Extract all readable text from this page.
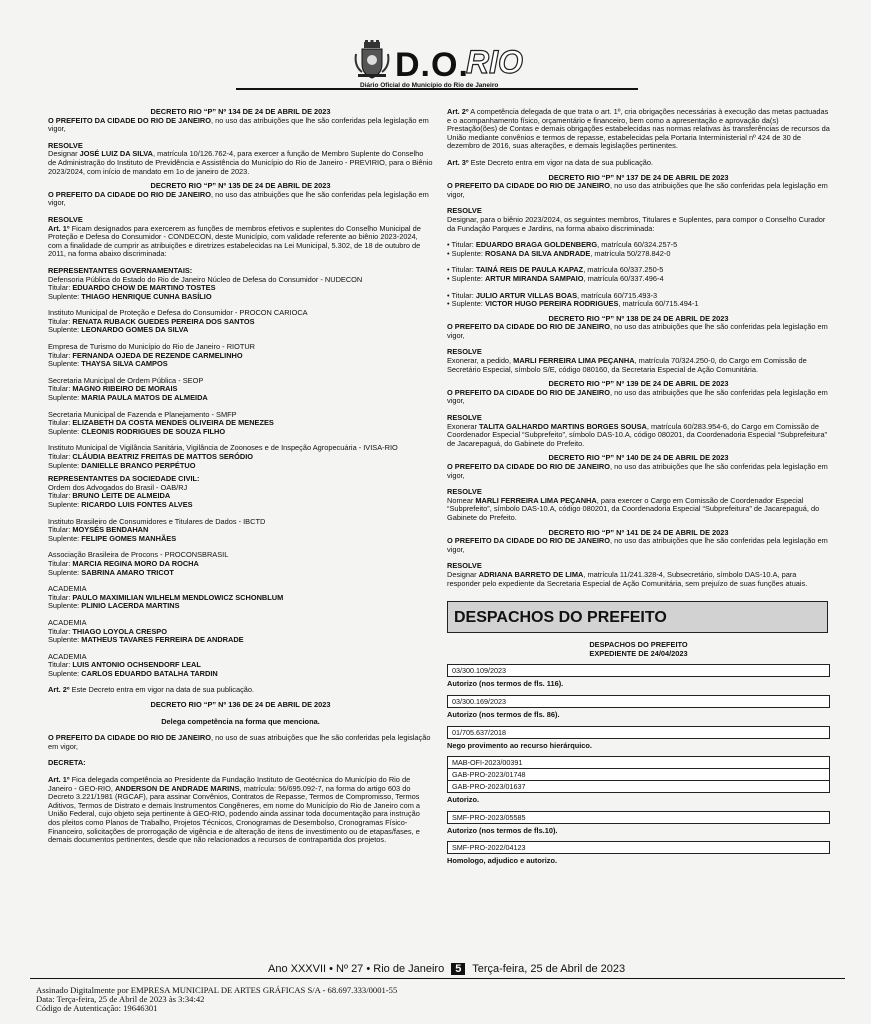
D.O.
RIO
Diário Oficial do Município do Rio de Janeiro
DECRETO RIO “P” Nº 134 DE 24 DE ABRIL DE 2023

O PREFEITO DA CIDADE DO RIO DE JANEIRO, no uso das atribuições que lhe são conferidas pela legislação em vigor,

RESOLVE

Designar JOSÉ LUIZ DA SILVA, matrícula 10/126.762-4, para exercer a função de Membro Suplente do Conselho de Administração do Instituto de Previdência e Assistência do Município do Rio de Janeiro - PREVIRIO, para o Biênio 2023/2024, com início de mandato em 1o de janeiro de 2023.

DECRETO RIO “P” Nº 135 DE 24 DE ABRIL DE 2023

O PREFEITO DA CIDADE DO RIO DE JANEIRO, no uso das atribuições que lhe são conferidas pela legislação em vigor,

RESOLVE

Art. 1º Ficam designados para exercerem as funções de membros efetivos e suplentes do Conselho Municipal de Proteção e Defesa do Consumidor - CONDECON, deste Município, com validade referente ao biênio 2023-2024, com a finalidade de cumprir as atribuições e diretrizes estabelecidas na Lei Municipal, 5.302, de 18 de outubro de 2011, na forma abaixo discriminada:

REPRESENTANTES GOVERNAMENTAIS:

Defensoria Pública do Estado do Rio de Janeiro Núcleo de Defesa do Consumidor - NUDECON

Titular: EDUARDO CHOW DE MARTINO TOSTES

Suplente: THIAGO HENRIQUE CUNHA BASÍLIO

Instituto Municipal de Proteção e Defesa do Consumidor - PROCON CARIOCA

Titular: RENATA RUBACK GUEDES PEREIRA DOS SANTOS

Suplente: LEONARDO GOMES DA SILVA

Empresa de Turismo do Município do Rio de Janeiro - RIOTUR

Titular: FERNANDA OJEDA DE REZENDE CARMELINHO

Suplente: THAYSA SILVA CAMPOS

Secretaria Municipal de Ordem Pública - SEOP

Titular: MAGNO RIBEIRO DE MORAIS

Suplente: MARIA PAULA MATOS DE ALMEIDA

Secretaria Municipal de Fazenda e Planejamento - SMFP

Titular: ELIZABETH DA COSTA MENDES OLIVEIRA DE MENEZES

Suplente: CLEONIS RODRIGUES DE SOUZA FILHO

Instituto Municipal de Vigilância Sanitária, Vigilância de Zoonoses e de Inspeção Agropecuária - IVISA-RIO

Titular: CLÁUDIA BEATRIZ FREITAS DE MATTOS SERÓDIO

Suplente: DANIELLE BRANCO PERPÉTUO

REPRESENTANTES DA SOCIEDADE CIVIL:

Ordem dos Advogados do Brasil - OAB/RJ

Titular: BRUNO LEITE DE ALMEIDA

Suplente: RICARDO LUIS FONTES ALVES

Instituto Brasileiro de Consumidores e Titulares de Dados - IBCTD

Titular: MOYSÉS BENDAHAN

Suplente: FELIPE GOMES MANHÃES

Associação Brasileira de Procons - PROCONSBRASIL

Titular: MARCIA REGINA MORO DA ROCHA

Suplente: SABRINA AMARO TRICOT

ACADEMIA

Titular: PAULO MAXIMILIAN WILHELM MENDLOWICZ SCHONBLUM

Suplente: PLINIO LACERDA MARTINS

ACADEMIA

Titular: THIAGO LOYOLA CRESPO

Suplente: MATHEUS TAVARES FERREIRA DE ANDRADE

ACADEMIA

Titular: LUIS ANTONIO OCHSENDORF LEAL

Suplente: CARLOS EDUARDO BATALHA TARDIN

Art. 2º Este Decreto entra em vigor na data de sua publicação.

DECRETO RIO “P” Nº 136 DE 24 DE ABRIL DE 2023
Delega competência na forma que menciona.

O PREFEITO DA CIDADE DO RIO DE JANEIRO, no uso de suas atribuições que lhe são conferidas pela legislação em vigor,

DECRETA:

Art. 1º Fica delegada competência ao Presidente da Fundação Instituto de Geotécnica do Município do Rio de Janeiro - GEO-RIO, ANDERSON DE ANDRADE MARINS, matrícula: 56/695.092-7, na forma do artigo 603 do Decreto 3.221/1981 (RGCAF), para assinar Convênios, Contratos de Repasse, Termos de Compromisso, Termos Aditivos, Termos de Distrato e demais Instrumentos Congêneres, em nome do Município do Rio de Janeiro com a União Federal, cujo objeto seja pertinente à GEO-RIO, podendo ainda assinar toda documentação para instrução dos pleitos como Planos de Trabalho, Projetos Técnicos, Cronogramas de Desembolso, Cronogramas Físico-Financeiro, solicitações de prorrogação de vigência e de alteração de itens de investimento ou de etapas/fases, e demais documentos pertinentes, desde que não relacionados a recursos de contrapartida dos projetos.

Art. 2º A competência delegada de que trata o art. 1º, cria obrigações necessárias à execução das metas pactuadas e o acompanhamento físico, orçamentário e financeiro, bem como a apresentação e aprovação da(s) Prestação(ões) de Contas e demais obrigações estabelecidas nas normas relativas às transferências de recursos da União mediante convênios e termos de repasse, estabelecidas pela Portaria Interministerial nº 424 de 30 de dezembro de 2016, suas alterações, e demais legislações pertinentes.

Art. 3º Este Decreto entra em vigor na data de sua publicação.

DECRETO RIO “P” Nº 137 DE 24 DE ABRIL DE 2023

O PREFEITO DA CIDADE DO RIO DE JANEIRO, no uso das atribuições que lhe são conferidas pela legislação em vigor,

RESOLVE

Designar, para o biênio 2023/2024, os seguintes membros, Titulares e Suplentes, para compor o Conselho Curador da Fundação Parques e Jardins, na forma abaixo discriminada:

• Titular: EDUARDO BRAGA GOLDENBERG, matrícula 60/324.257-5

• Suplente: ROSANA DA SILVA ANDRADE, matrícula 50/278.842-0

• Titular: TAINÁ REIS DE PAULA KAPAZ, matrícula 60/337.250-5

• Suplente: ARTUR MIRANDA SAMPAIO, matrícula 60/337.496-4

• Titular: JULIO ARTUR VILLAS BOAS, matrícula 60/715.493-3

• Suplente: VICTOR HUGO PEREIRA RODRIGUES, matrícula 60/715.494-1

DECRETO RIO “P” Nº 138 DE 24 DE ABRIL DE 2023

O PREFEITO DA CIDADE DO RIO DE JANEIRO, no uso das atribuições que lhe são conferidas pela legislação em vigor,

RESOLVE

Exonerar, a pedido, MARLI FERREIRA LIMA PEÇANHA, matrícula 70/324.250-0, do Cargo em Comissão de Secretário Especial, símbolo S/E, código 080160, da Secretaria Especial de Ação Comunitária.

DECRETO RIO “P” Nº 139 DE 24 DE ABRIL DE 2023

O PREFEITO DA CIDADE DO RIO DE JANEIRO, no uso das atribuições que lhe são conferidas pela legislação em vigor,

RESOLVE

Exonerar TALITA GALHARDO MARTINS BORGES SOUSA, matrícula 60/283.954-6, do Cargo em Comissão de Coordenador Especial “Subprefeito”, símbolo DAS-10.A, código 080201, da Coordenadoria Especial “Subprefeitura” de Jacarepaguá, do Gabinete do Prefeito.

DECRETO RIO “P” Nº 140 DE 24 DE ABRIL DE 2023

O PREFEITO DA CIDADE DO RIO DE JANEIRO, no uso das atribuições que lhe são conferidas pela legislação em vigor,

RESOLVE

Nomear MARLI FERREIRA LIMA PEÇANHA, para exercer o Cargo em Comissão de Coordenador Especial “Subprefeito”, símbolo DAS-10.A, código 080201, da Coordenadoria Especial “Subprefeitura” de Jacarepaguá, do Gabinete do Prefeito.

DECRETO RIO “P” Nº 141 DE 24 DE ABRIL DE 2023

O PREFEITO DA CIDADE DO RIO DE JANEIRO, no uso das atribuições que lhe são conferidas pela legislação em vigor,

RESOLVE

Designar ADRIANA BARRETO DE LIMA, matrícula 11/241.328-4, Subsecretário, símbolo DAS-10.A, para responder pelo expediente da Secretaria Especial de Ação Comunitária, sem prejuízo de suas funções atuais.

DESPACHOS DO PREFEITO
DESPACHOS DO PREFEITO
EXPEDIENTE DE 24/04/2023
03/300.109/2023
Autorizo (nos termos de fls. 116).
03/300.169/2023
Autorizo (nos termos de fls. 86).
01/705.637/2018
Nego provimento ao recurso hierárquico.
MAB-OFI-2023/00391
GAB-PRO-2023/01748
GAB-PRO-2023/01637
Autorizo.
SMF-PRO-2023/05585
Autorizo (nos termos de fls.10).
SMF-PRO-2022/04123
Homologo, adjudico e autorizo.
Ano XXXVII • Nº 27 • Rio de Janeiro 5 Terça-feira, 25 de Abril de 2023
Assinado Digitalmente por EMPRESA MUNICIPAL DE ARTES GRÁFICAS S/A - 68.697.333/0001-55
Data: Terça-feira, 25 de Abril de 2023 às 3:34:42
Código de Autenticação: 19646301
